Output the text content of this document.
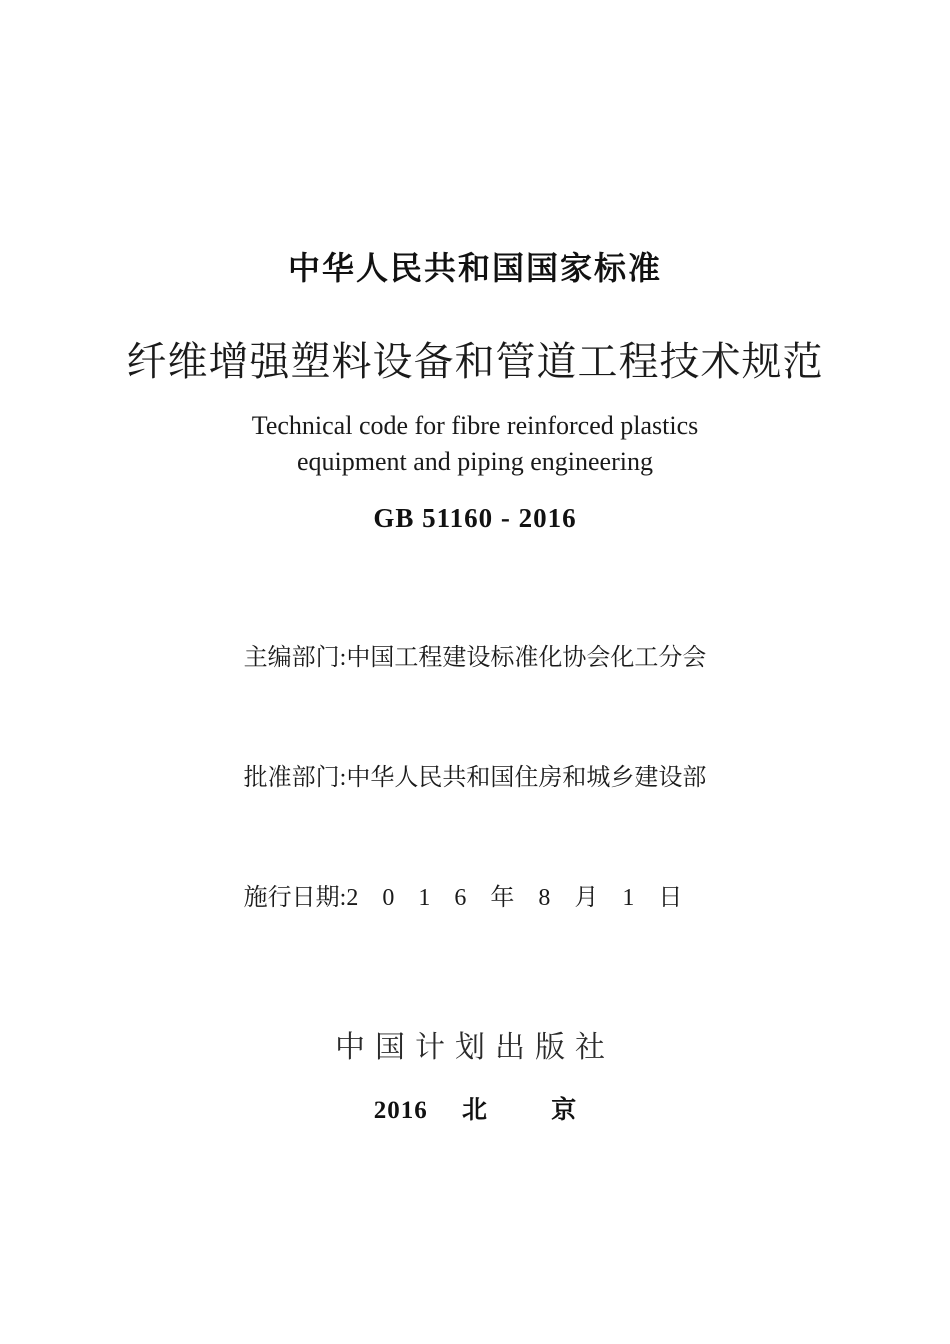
中华人民共和国国家标准
纤维增强塑料设备和管道工程技术规范
Technical code for fibre reinforced plastics
equipment and piping engineering
GB 51160 - 2016

主编部门:中国工程建设标准化协会化工分会

批准部门:中华人民共和国住房和城乡建设部

施行日期:2　0　1　6　年　8　月　1　日

中国计划出版社
2016 北	京
